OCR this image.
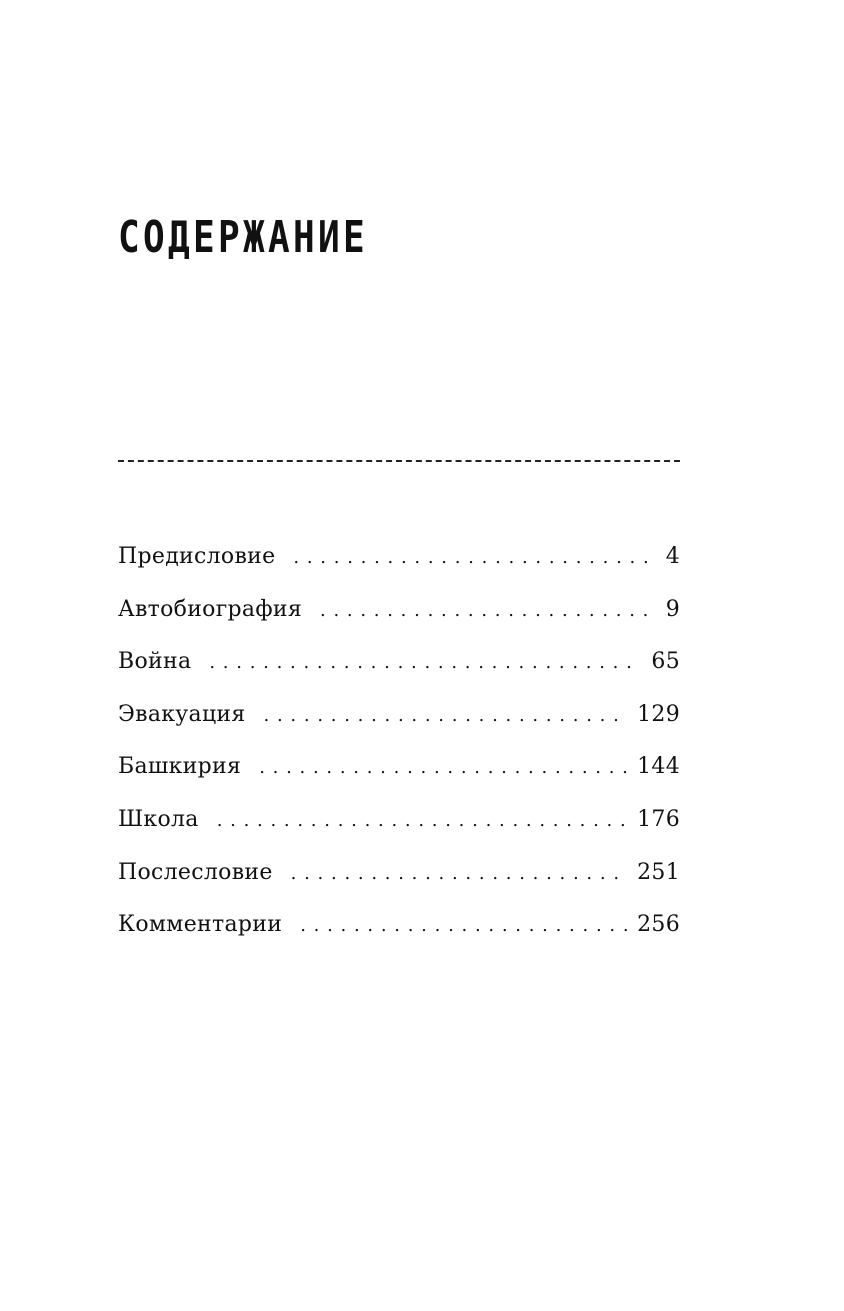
СОДЕРЖАНИЕ
Предисловие . . .	4
Автобиография . . .	9
Война . . .	65
Эвакуация . . .	129
Башкирия . . .	144
Школа . . .	176
Послесловие . . .	251
Комментарии . . .	256
